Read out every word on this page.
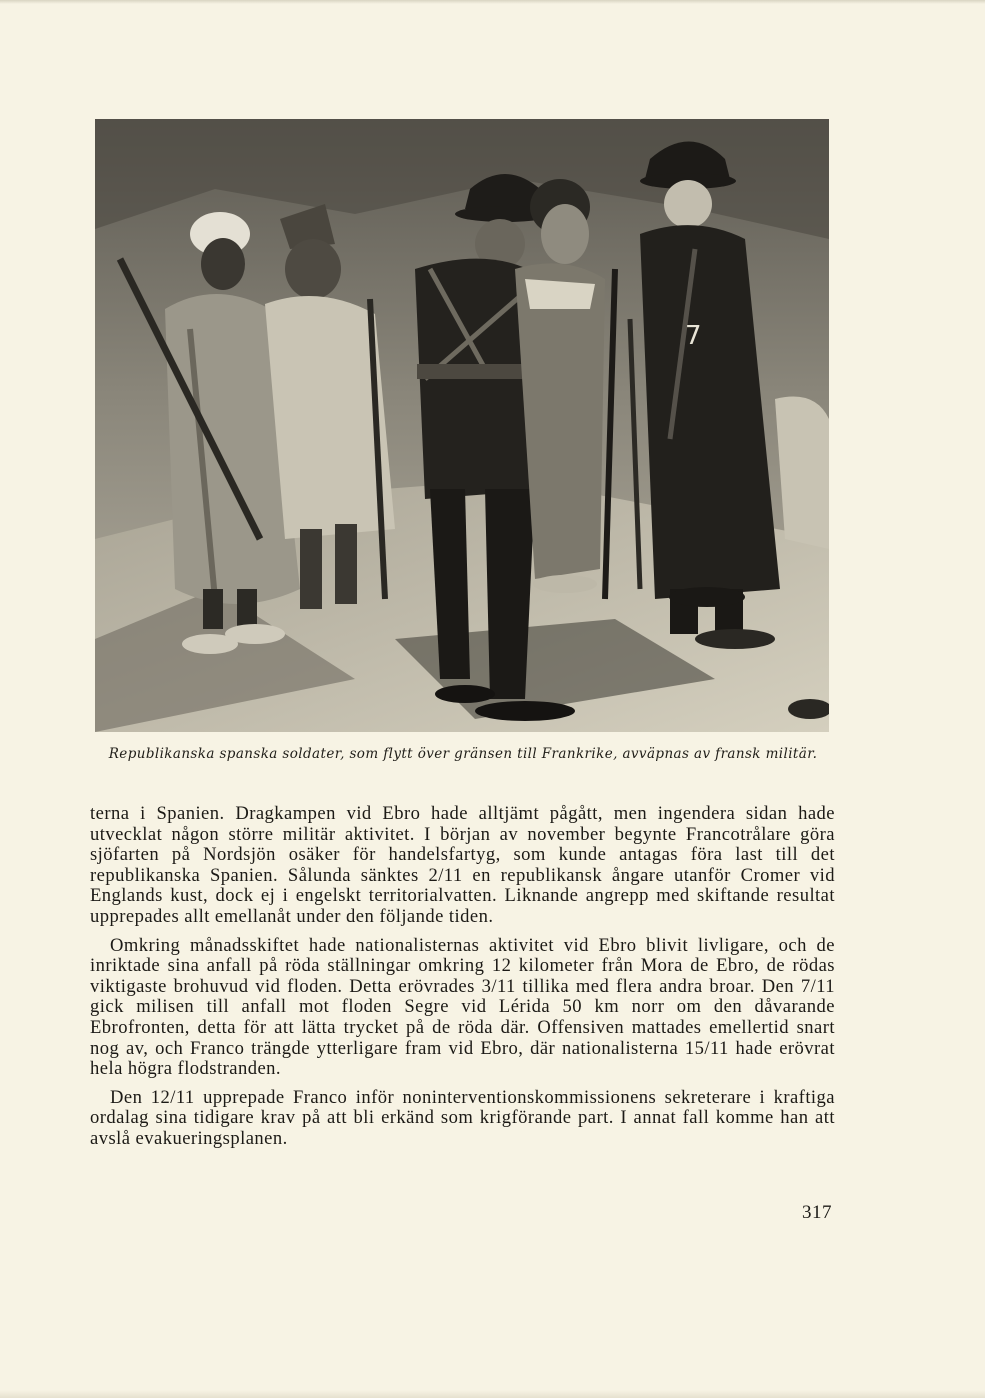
7
Republikanska spanska soldater, som flytt över gränsen till Frankrike, avväpnas av fransk militär.

terna i Spanien. Dragkampen vid Ebro hade alltjämt pågått, men ingendera sidan hade utvecklat någon större militär aktivitet. I början av november begynte Francotrålare göra sjöfarten på Nordsjön osäker för handelsfartyg, som kunde antagas föra last till det republikanska Spanien. Sålunda sänktes 2/11 en republikansk ångare utanför Cromer vid Englands kust, dock ej i engelskt territorialvatten. Liknande angrepp med skiftande resultat upprepades allt emellanåt under den följande tiden.

Omkring månadsskiftet hade nationalisternas aktivitet vid Ebro blivit livligare, och de inriktade sina anfall på röda ställningar omkring 12 kilometer från Mora de Ebro, de rödas viktigaste brohuvud vid floden. Detta erövrades 3/11 tillika med flera andra broar. Den 7/11 gick milisen till anfall mot floden Segre vid Lérida 50 km norr om den dåvarande Ebrofronten, detta för att lätta trycket på de röda där. Offensiven mattades emellertid snart nog av, och Franco trängde ytterligare fram vid Ebro, där nationalisterna 15/11 hade erövrat hela högra flodstranden.

Den 12/11 upprepade Franco inför noninterventionskommissionens sekreterare i kraftiga ordalag sina tidigare krav på att bli erkänd som krigförande part. I annat fall komme han att avslå evakueringsplanen.

317
